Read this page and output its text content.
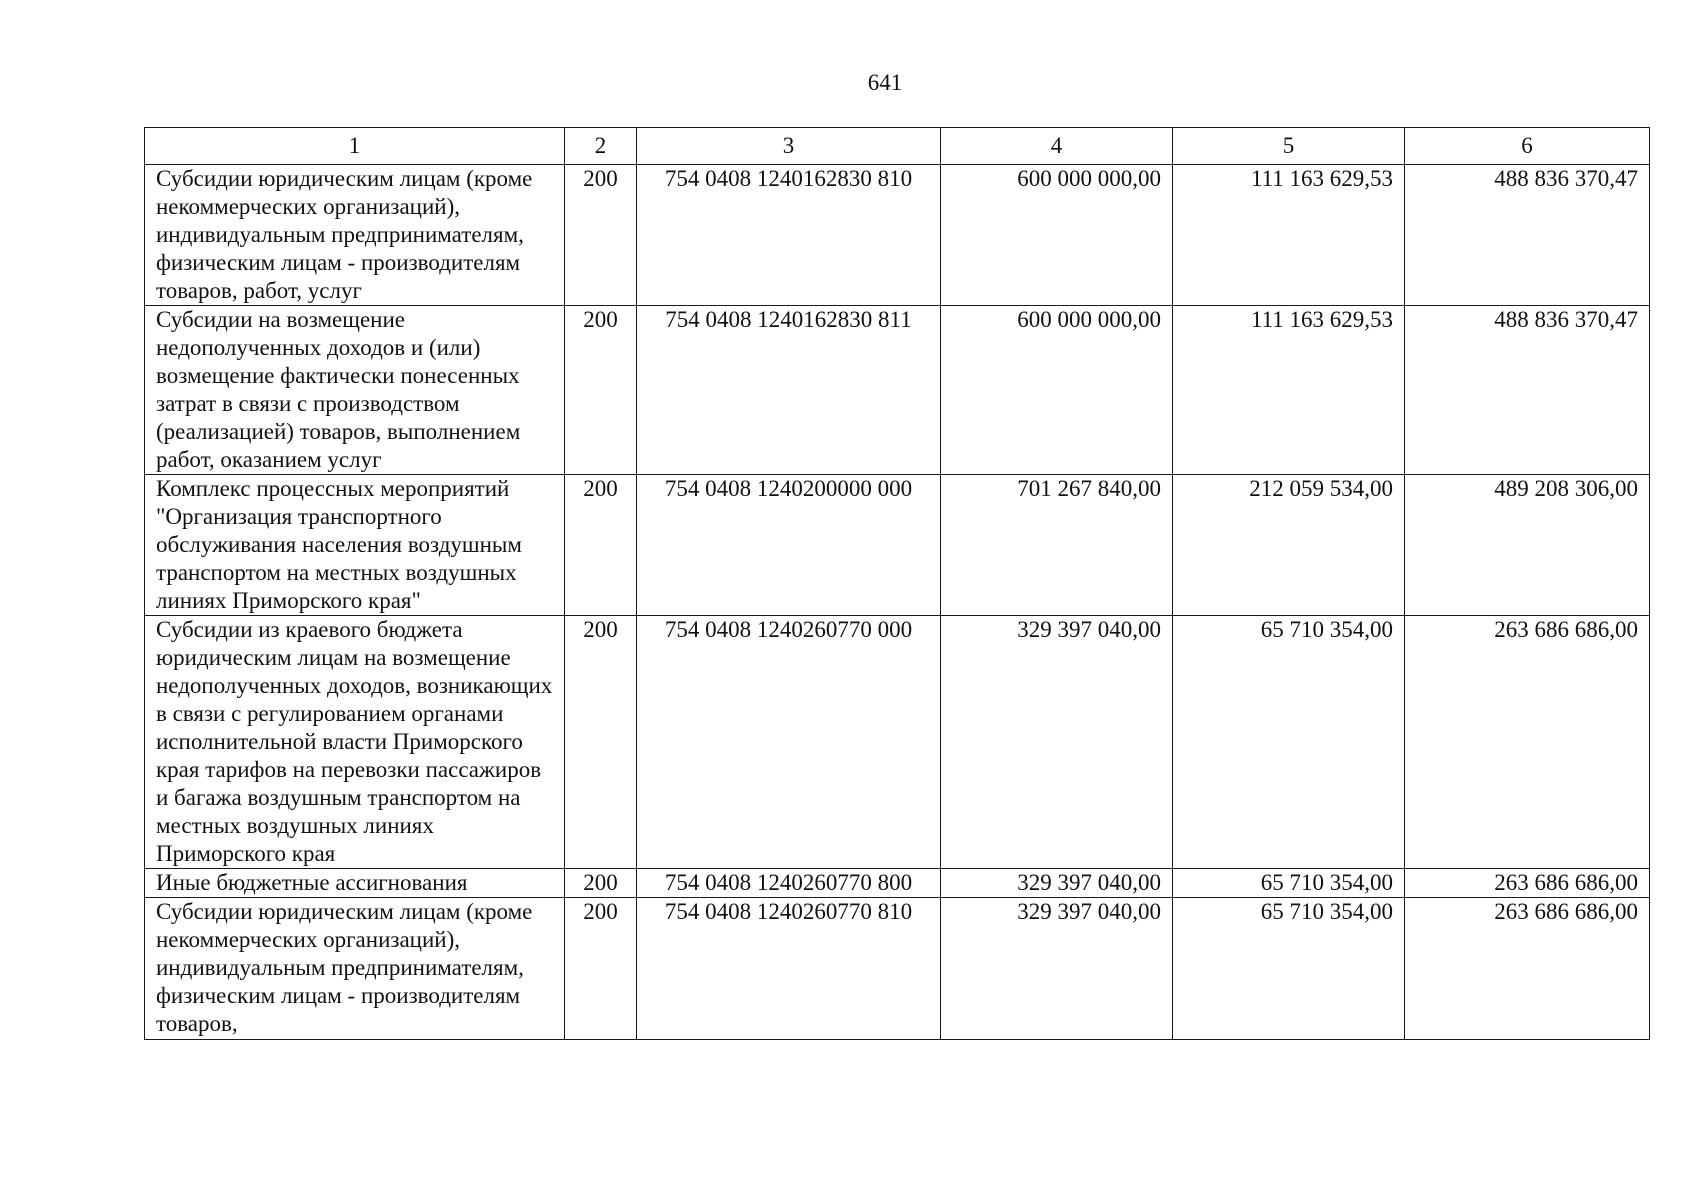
641
1	2	3	4	5	6
Субсидии юридическим лицам (кроме некоммерческих организаций), индивидуальным предпринимателям, физическим лицам - производителям товаров, работ, услуг	200	754 0408 1240162830 810	600 000 000,00	111 163 629,53	488 836 370,47
Субсидии на возмещение недополученных доходов и (или) возмещение фактически понесенных затрат в связи с производством (реализацией) товаров, выполнением работ, оказанием услуг	200	754 0408 1240162830 811	600 000 000,00	111 163 629,53	488 836 370,47
Комплекс процессных мероприятий "Организация транспортного обслуживания населения воздушным транспортом на местных воздушных линиях Приморского края"	200	754 0408 1240200000 000	701 267 840,00	212 059 534,00	489 208 306,00
Субсидии из краевого бюджета юридическим лицам на возмещение недополученных доходов, возникающих в связи с регулированием органами исполнительной власти Приморского края тарифов на перевозки пассажиров и багажа воздушным транспортом на местных воздушных линиях Приморского края	200	754 0408 1240260770 000	329 397 040,00	65 710 354,00	263 686 686,00
Иные бюджетные ассигнования	200	754 0408 1240260770 800	329 397 040,00	65 710 354,00	263 686 686,00
Субсидии юридическим лицам (кроме некоммерческих организаций), индивидуальным предпринимателям, физическим лицам - производителям товаров,	200	754 0408 1240260770 810	329 397 040,00	65 710 354,00	263 686 686,00
